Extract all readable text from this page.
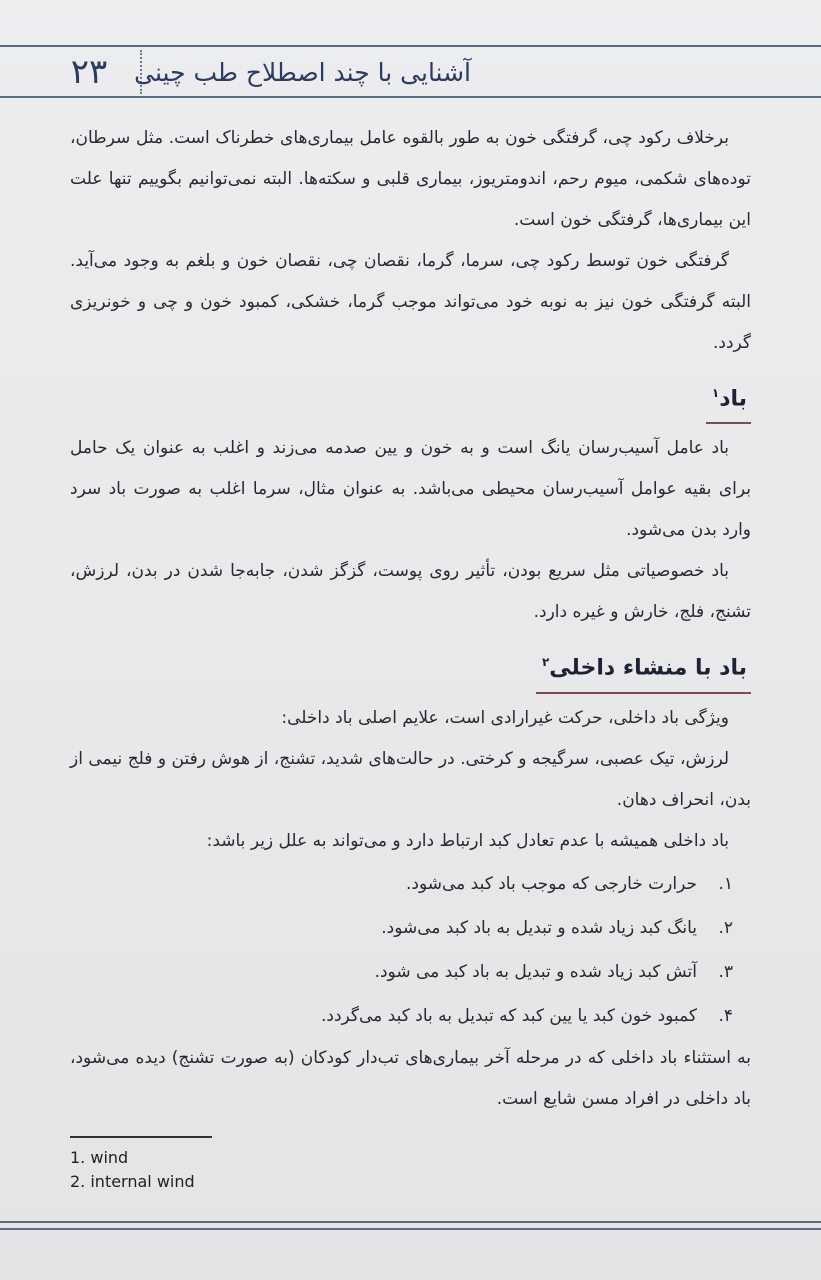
۲۳	آشنایی با چند اصطلاح طب چینی

برخلاف رکود چی، گرفتگی خون به طور بالقوه عامل بیماری‌های خطرناک است. مثل سرطان، توده‌های شکمی، میوم رحم، اندومتریوز، بیماری قلبی و سکته‌ها. البته نمی‌توانیم بگوییم تنها علت این بیماری‌ها، گرفتگی خون است.

گرفتگی خون توسط رکود چی، سرما، گرما، نقصان چی، نقصان خون و بلغم به وجود می‌آید. البته گرفتگی خون نیز به نوبه خود می‌تواند موجب گرما، خشکی، کمبود خون و چی و خونریزی گردد.

باد$^۱$

باد عامل آسیب‌رسان یانگ است و به خون و یین صدمه می‌زند و اغلب به عنوان یک حامل برای بقیه عوامل آسیب‌رسان محیطی می‌باشد. به عنوان مثال، سرما اغلب به صورت باد سرد وارد بدن می‌شود.

باد خصوصیاتی مثل سریع بودن، تأثیر روی پوست، گزگز شدن، جابه‌جا شدن در بدن، لرزش، تشنج، فلج، خارش و غیره دارد.

باد با منشاء داخلی$^۲$

ویژگی باد داخلی، حرکت غیرارادی است، علایم اصلی باد داخلی:

لرزش، تیک عصبی، سرگیجه و کرختی. در حالت‌های شدید، تشنج، از هوش رفتن و فلج نیمی از بدن، انحراف دهان.

باد داخلی همیشه با عدم تعادل کبد ارتباط دارد و می‌تواند به علل زیر باشد:

۱.
حرارت خارجی که موجب باد کبد می‌شود.
۲.
یانگ کبد زیاد شده و تبدیل به باد کبد می‌شود.
۳.
آتش کبد زیاد شده و تبدیل به باد کبد می شود.
۴.
کمبود خون کبد یا یین کبد که تبدیل به باد کبد می‌گردد.

به استثناء باد داخلی که در مرحله آخر بیماری‌های تب‌دار کودکان (به صورت تشنج) دیده می‌شود، باد داخلی در افراد مسن شایع است.

1. wind
2. internal wind
